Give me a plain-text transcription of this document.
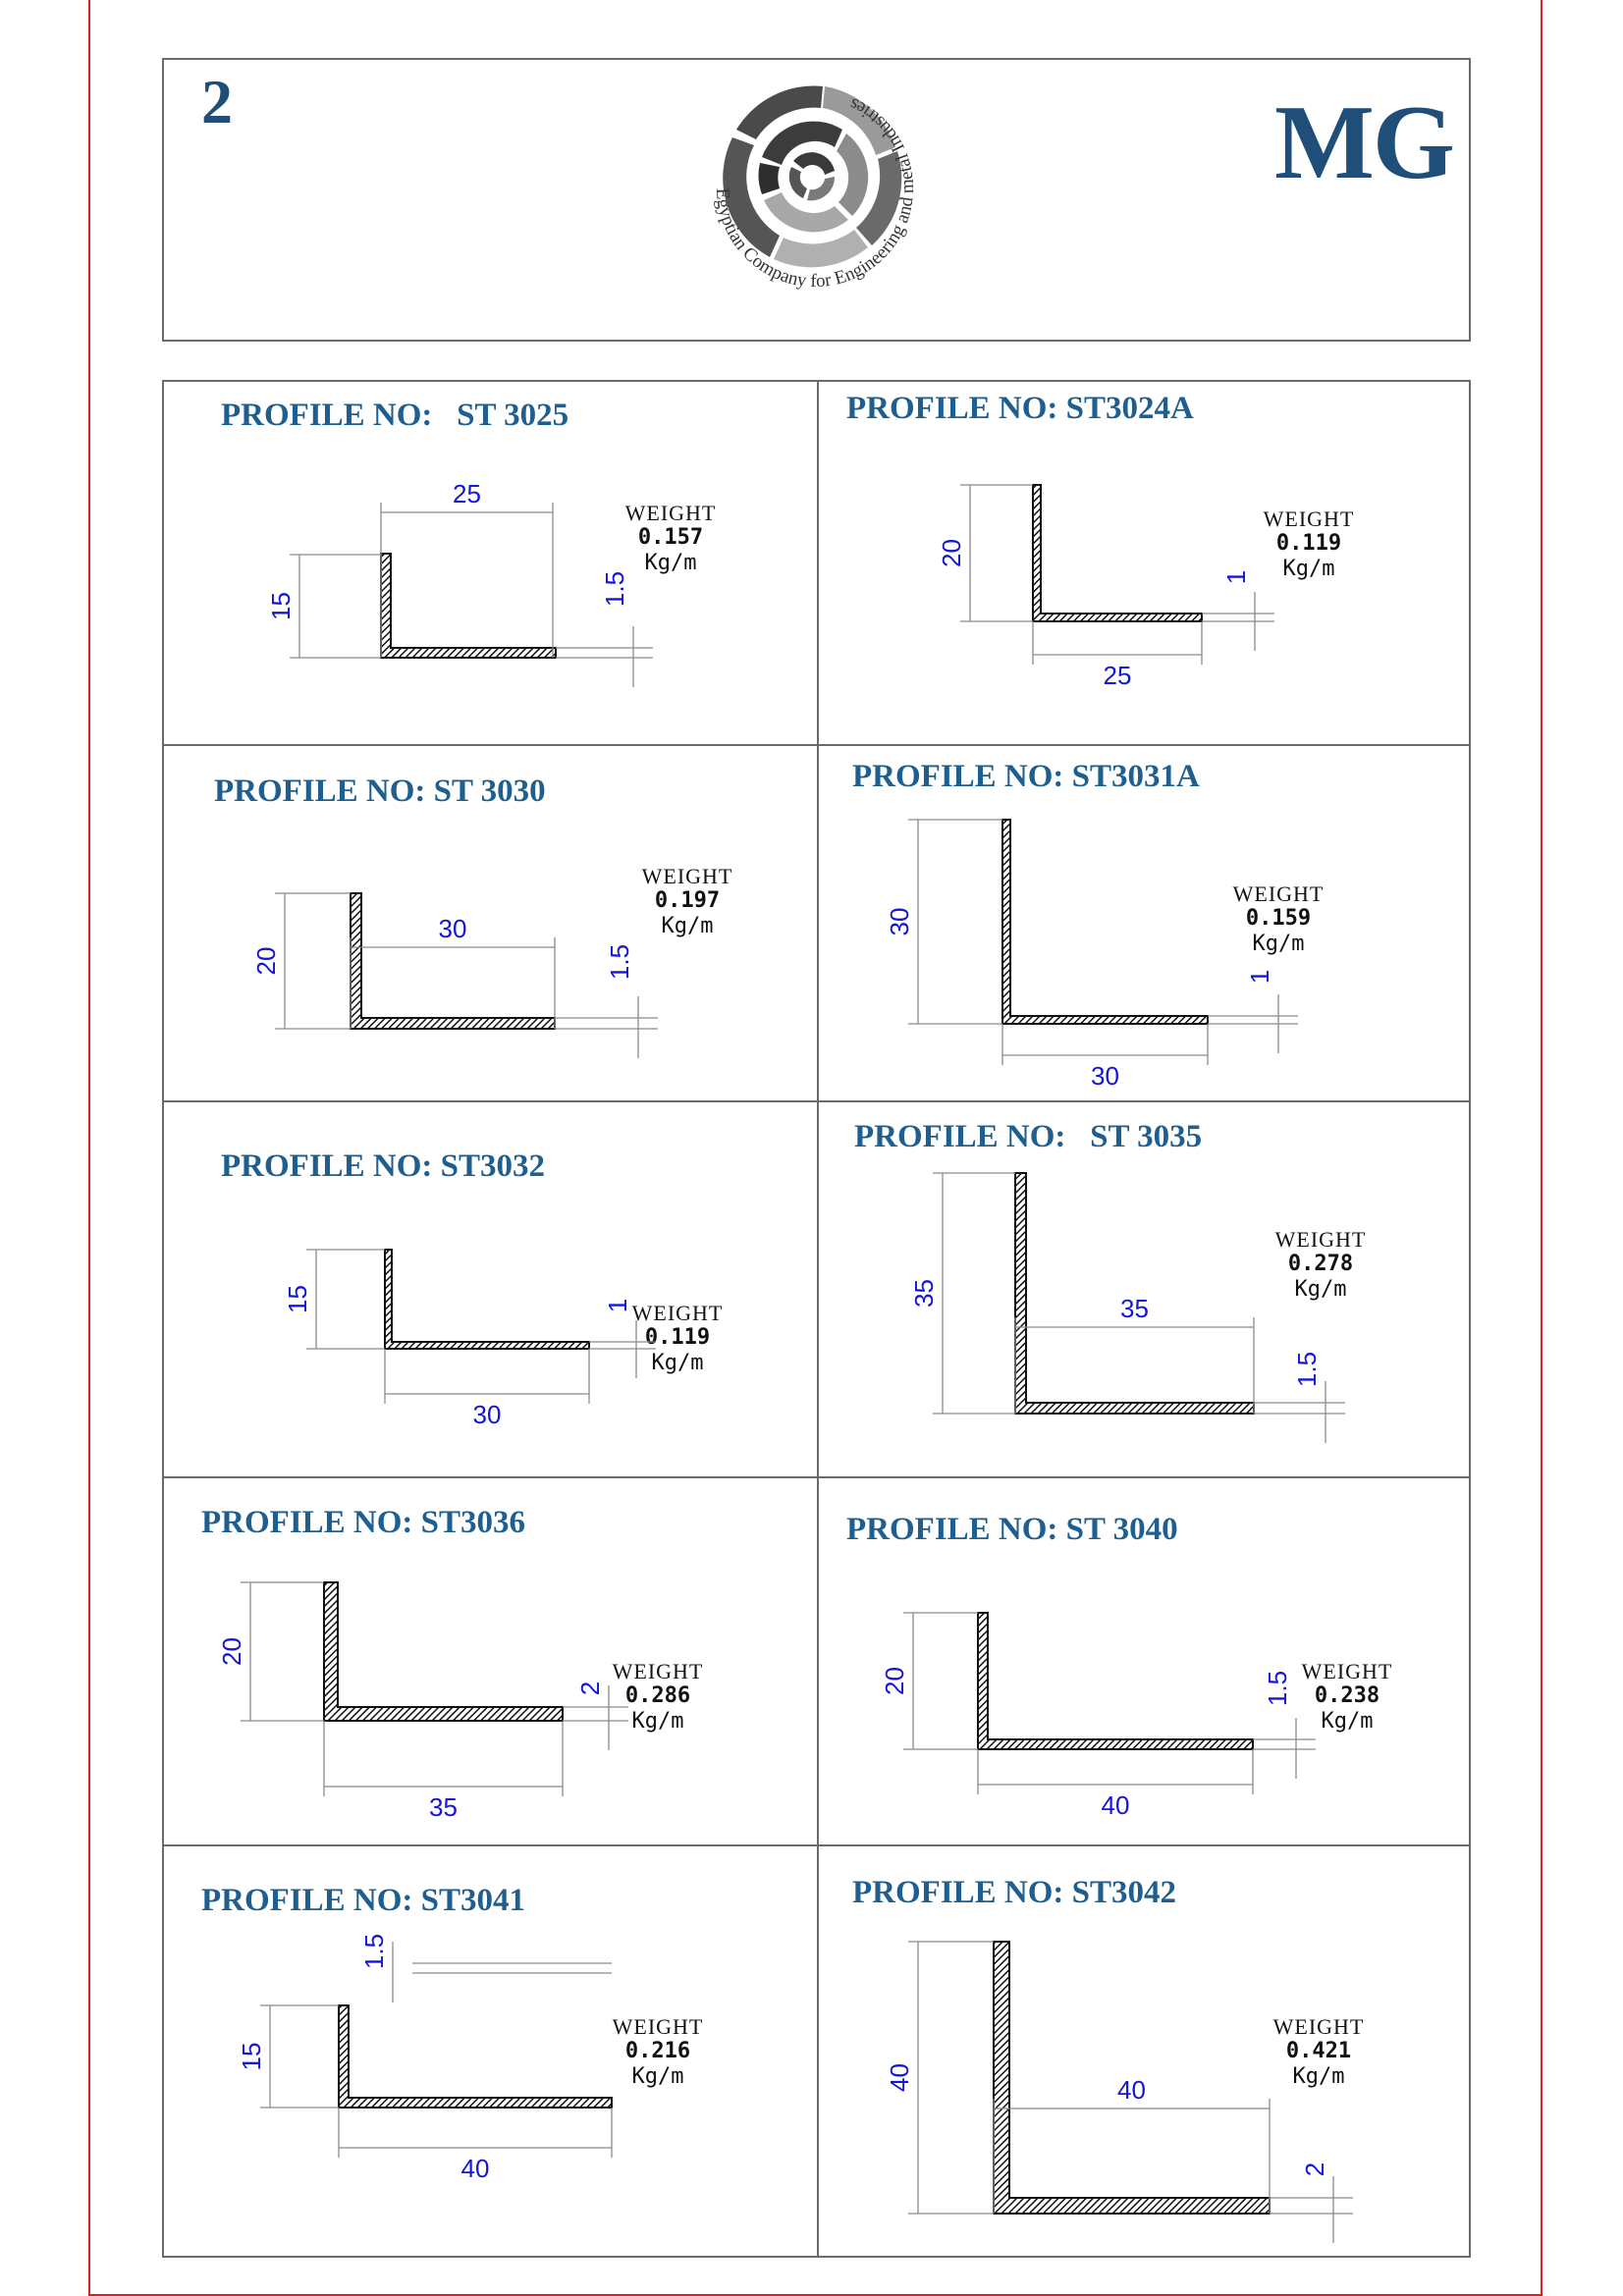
2	MG
Egyptian Company for Engineering and metal Industries
PROFILE NO:   ST 3025
WEIGHT
0.157
Kg/m
PROFILE NO: ST3024A
WEIGHT
0.119
Kg/m
PROFILE NO: ST 3030
WEIGHT
0.197
Kg/m
PROFILE NO: ST3031A
WEIGHT
0.159
Kg/m
PROFILE NO: ST3032
WEIGHT
0.119
Kg/m
PROFILE NO:   ST 3035
WEIGHT
0.278
Kg/m
PROFILE NO: ST3036
WEIGHT
0.286
Kg/m
PROFILE NO: ST 3040
WEIGHT
0.238
Kg/m
PROFILE NO: ST3041
WEIGHT
0.216
Kg/m
PROFILE NO: ST3042
WEIGHT
0.421
Kg/m
25
15	1.5
25
20
1
30
20	1.5
30
30
1
30
15	1	35
35
1.5
35
20
2
40
20	1.5
40
15
1.5
40
40
2
